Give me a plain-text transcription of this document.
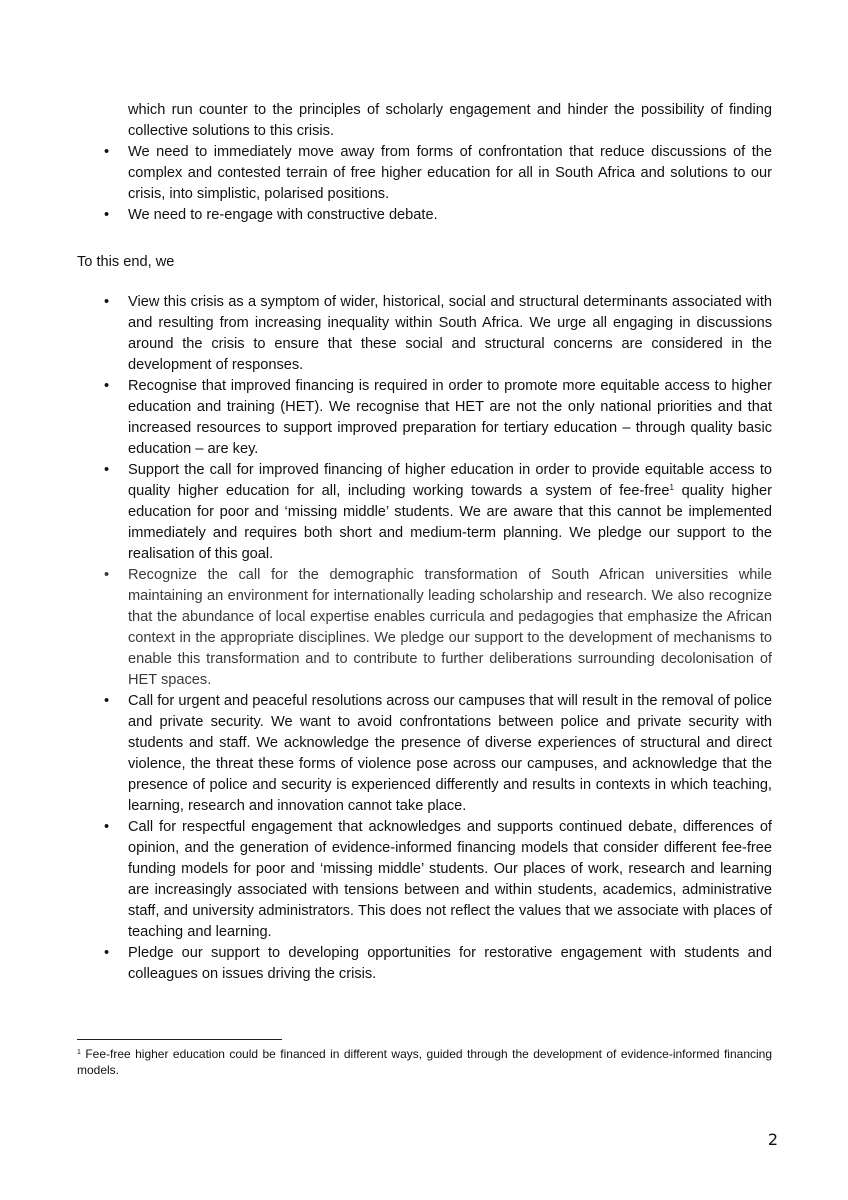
which run counter to the principles of scholarly engagement and hinder the possibility of finding collective solutions to this crisis.
•	We need to immediately move away from forms of confrontation that reduce discussions of the complex and contested terrain of free higher education for all in South Africa and solutions to our crisis, into simplistic, polarised positions.
•	We need to re-engage with constructive debate.

To this end, we

•	View this crisis as a symptom of wider, historical, social and structural determinants associated with and resulting from increasing inequality within South Africa. We urge all engaging in discussions around the crisis to ensure that these social and structural concerns are considered in the development of responses.
•	Recognise that improved financing is required in order to promote more equitable access to higher education and training (HET). We recognise that HET are not the only national priorities and that increased resources to support improved preparation for tertiary education – through quality basic education – are key.
•	Support the call for improved financing of higher education in order to provide equitable access to quality higher education for all, including working towards a system of fee-free$^1$ quality higher education for poor and ‘missing middle’ students. We are aware that this cannot be implemented immediately and requires both short and medium-term planning. We pledge our support to the realisation of this goal.
•	Recognize the call for the demographic transformation of South African universities while maintaining an environment for internationally leading scholarship and research. We also recognize that the abundance of local expertise enables curricula and pedagogies that emphasize the African context in the appropriate disciplines. We pledge our support to the development of mechanisms to enable this transformation and to contribute to further deliberations surrounding decolonisation of HET spaces.
•	Call for urgent and peaceful resolutions across our campuses that will result in the removal of police and private security. We want to avoid confrontations between police and private security with students and staff. We acknowledge the presence of diverse experiences of structural and direct violence, the threat these forms of violence pose across our campuses, and acknowledge that the presence of police and security is experienced differently and results in contexts in which teaching, learning, research and innovation cannot take place.
•	Call for respectful engagement that acknowledges and supports continued debate, differences of opinion, and the generation of evidence-informed financing models that consider different fee-free funding models for poor and ‘missing middle’ students. Our places of work, research and learning are increasingly associated with tensions between and within students, academics, administrative staff, and university administrators. This does not reflect the values that we associate with places of teaching and learning.
•	Pledge our support to developing opportunities for restorative engagement with students and colleagues on issues driving the crisis.

$^1$ Fee-free higher education could be financed in different ways, guided through the development of evidence-informed financing models.

2
